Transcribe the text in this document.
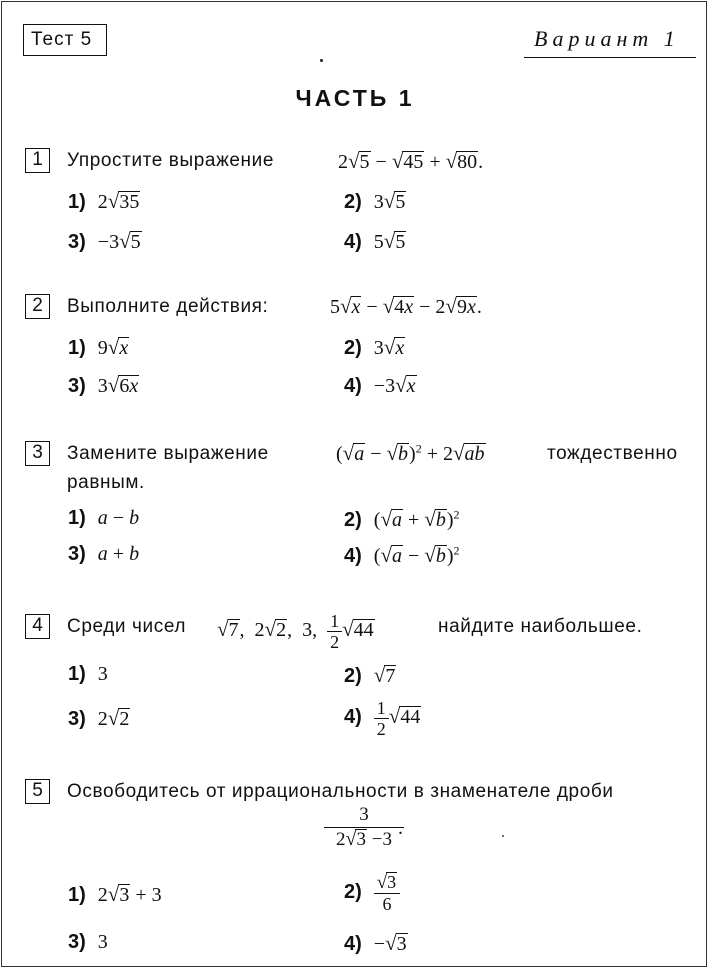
Тест 5	Вариант 1
ЧАСТЬ 1
1	Упростите выражение	2√5 − √45 + √80.
1) 2√35	2) 3√5
3) −3√5	4) 5√5
2	Выполните действия:	5√x − √4x − 2√9x.
1) 9√x	2) 3√x
3) 3√6x	4) −3√x
3	Замените выражение	$(√a - √b)^2 + 2√ab$	тождественно
равным.
1) a − b	2) $(√a + √b)^2$
3) a + b	4) $(√a - √b)^2$
4	Среди чисел √7,  2√2,  3, $\frac{1}{2} √44$	найдите наибольшее.
1) 3	2) √7
3) 2√2	$4) \frac{1}{2} √44$
5	Освободитесь от иррациональности в знаменателе дроби
3
2√3 −3
.
1) 2√3 + 3	$2) \frac{√3}{6}$
3) 3	4) −√3
